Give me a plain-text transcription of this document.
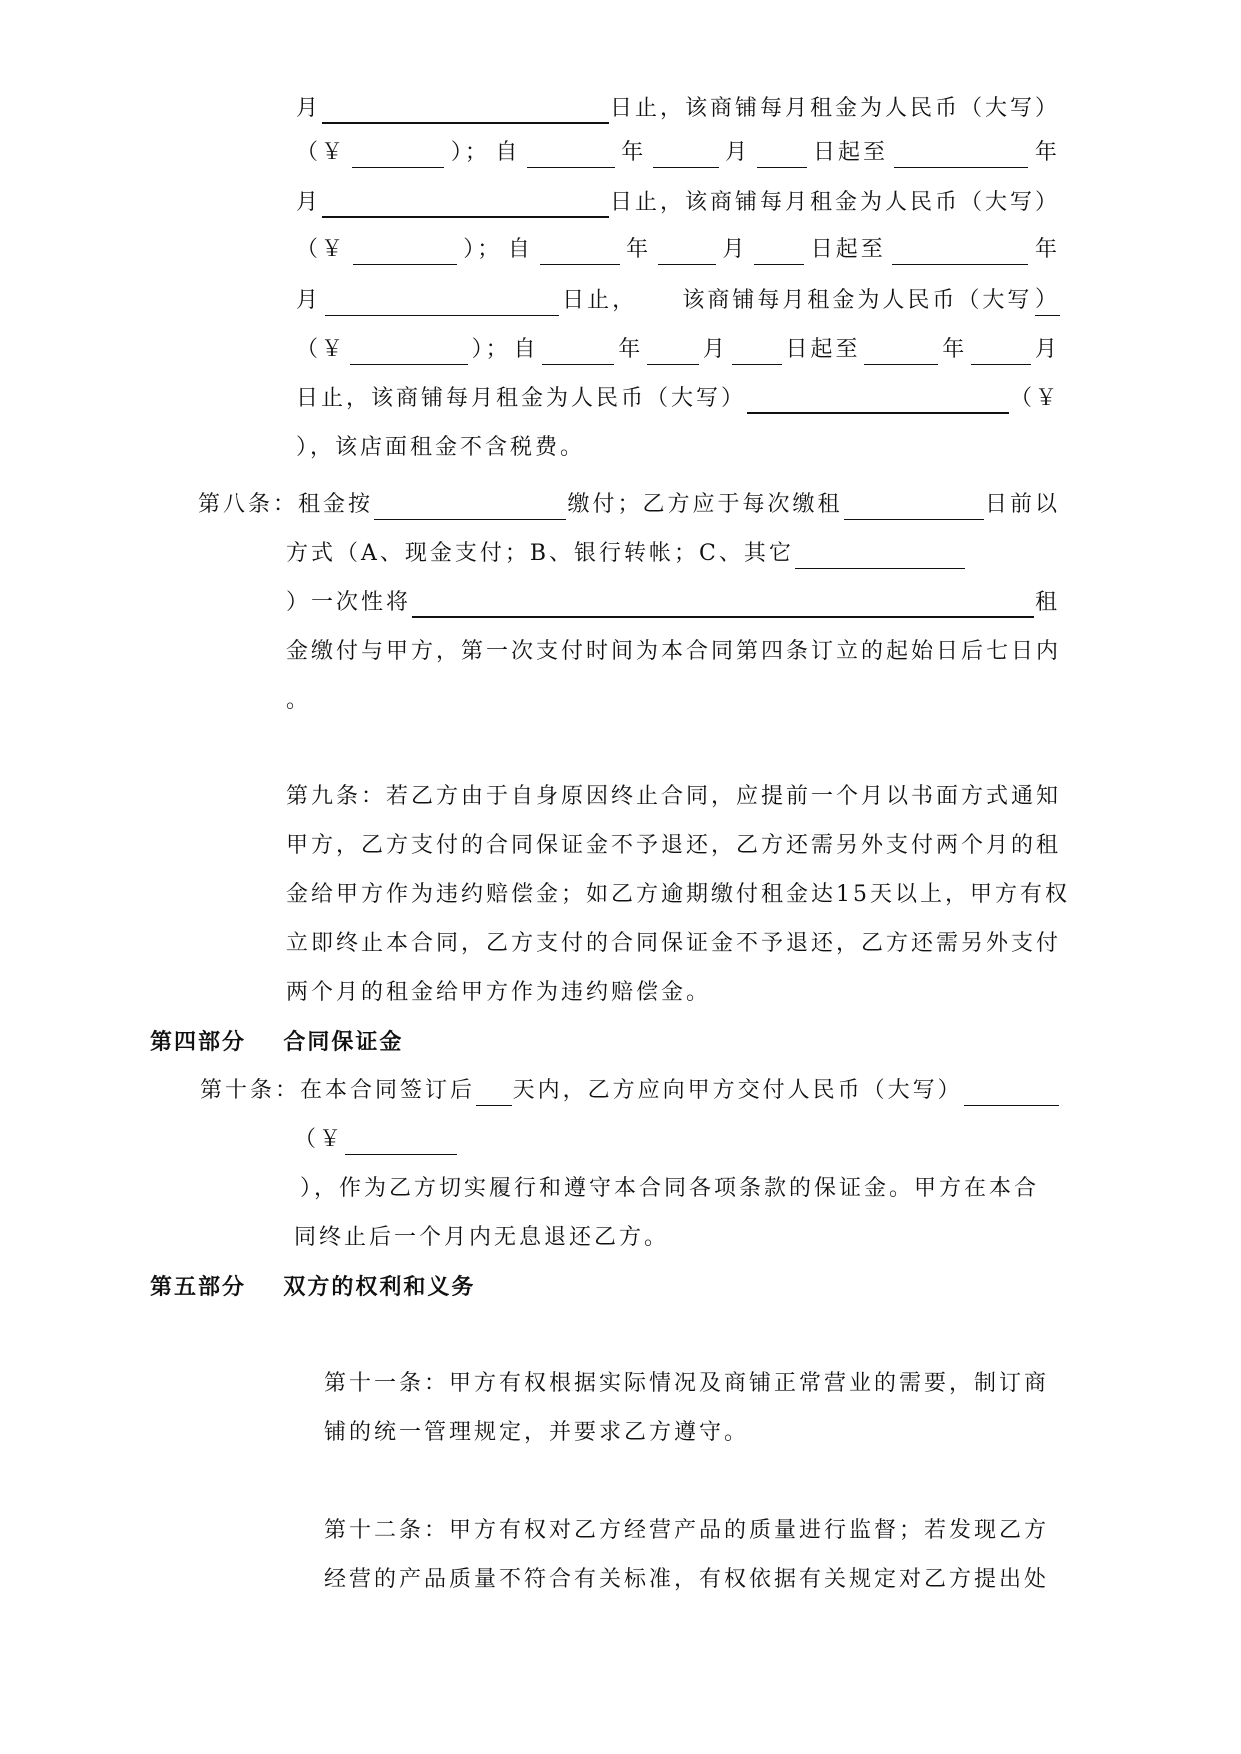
月	日止，该商铺每月租金为人民币（大写）
（￥	）； 自	年	月	日起至	年
月	日止，该商铺每月租金为人民币（大写）
（￥	）； 自	年	月	日起至	年
月	日止， 该商铺每月租金为人民币（大写 ）
（￥	）； 自	年	月	日起至	年	月
日止，该商铺每月租金为人民币（大写）	（￥
），该店面租金不含税费。
第八条：租金按	缴付；乙方应于每次缴租	日前以
方式（A、现金支付；B、银行转帐；C、其它
）一次性将	租
金缴付与甲方，第一次支付时间为本合同第四条订立的起始日后七日内
。
第九条：若乙方由于自身原因终止合同，应提前一个月以书面方式通知
甲方，乙方支付的合同保证金不予退还，乙方还需另外支付两个月的租
金给甲方作为违约赔偿金；如乙方逾期缴付租金达15天以上，甲方有权
立即终止本合同，乙方支付的合同保证金不予退还，乙方还需另外支付
两个月的租金给甲方作为违约赔偿金。
第四部分 合同保证金
第十条：在本合同签订后 天内，乙方应向甲方交付人民币（大写）
（￥
），作为乙方切实履行和遵守本合同各项条款的保证金。甲方在本合
同终止后一个月内无息退还乙方。
第五部分 双方的权利和义务
第十一条：甲方有权根据实际情况及商铺正常营业的需要，制订商
铺的统一管理规定，并要求乙方遵守。
第十二条：甲方有权对乙方经营产品的质量进行监督；若发现乙方
经营的产品质量不符合有关标准，有权依据有关规定对乙方提出处
